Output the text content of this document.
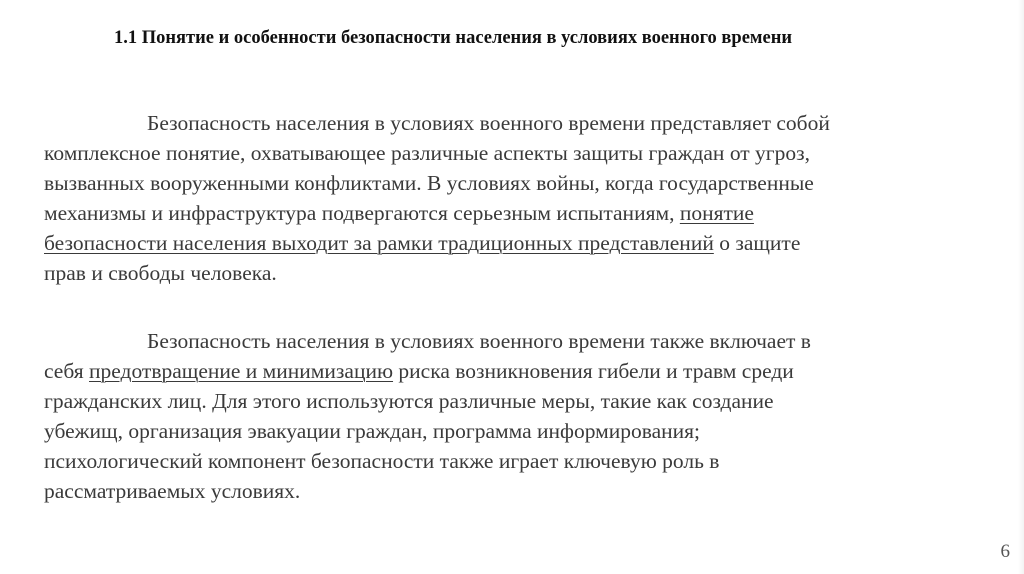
1.1 Понятие и особенности безопасности населения в условиях военного времени
Безопасность населения в условиях военного времени представляет собой
комплексное понятие, охватывающее различные аспекты защиты граждан от угроз,
вызванных вооруженными конфликтами. В условиях войны, когда государственные
механизмы и инфраструктура подвергаются серьезным испытаниям, понятие
безопасности населения выходит за рамки традиционных представлений о защите
прав и свободы человека.
Безопасность населения в условиях военного времени также включает в
себя предотвращение и минимизацию риска возникновения гибели и травм среди
гражданских лиц. Для этого используются различные меры, такие как создание
убежищ, организация эвакуации граждан, программа информирования;
психологический компонент безопасности также играет ключевую роль в
рассматриваемых условиях.
6
